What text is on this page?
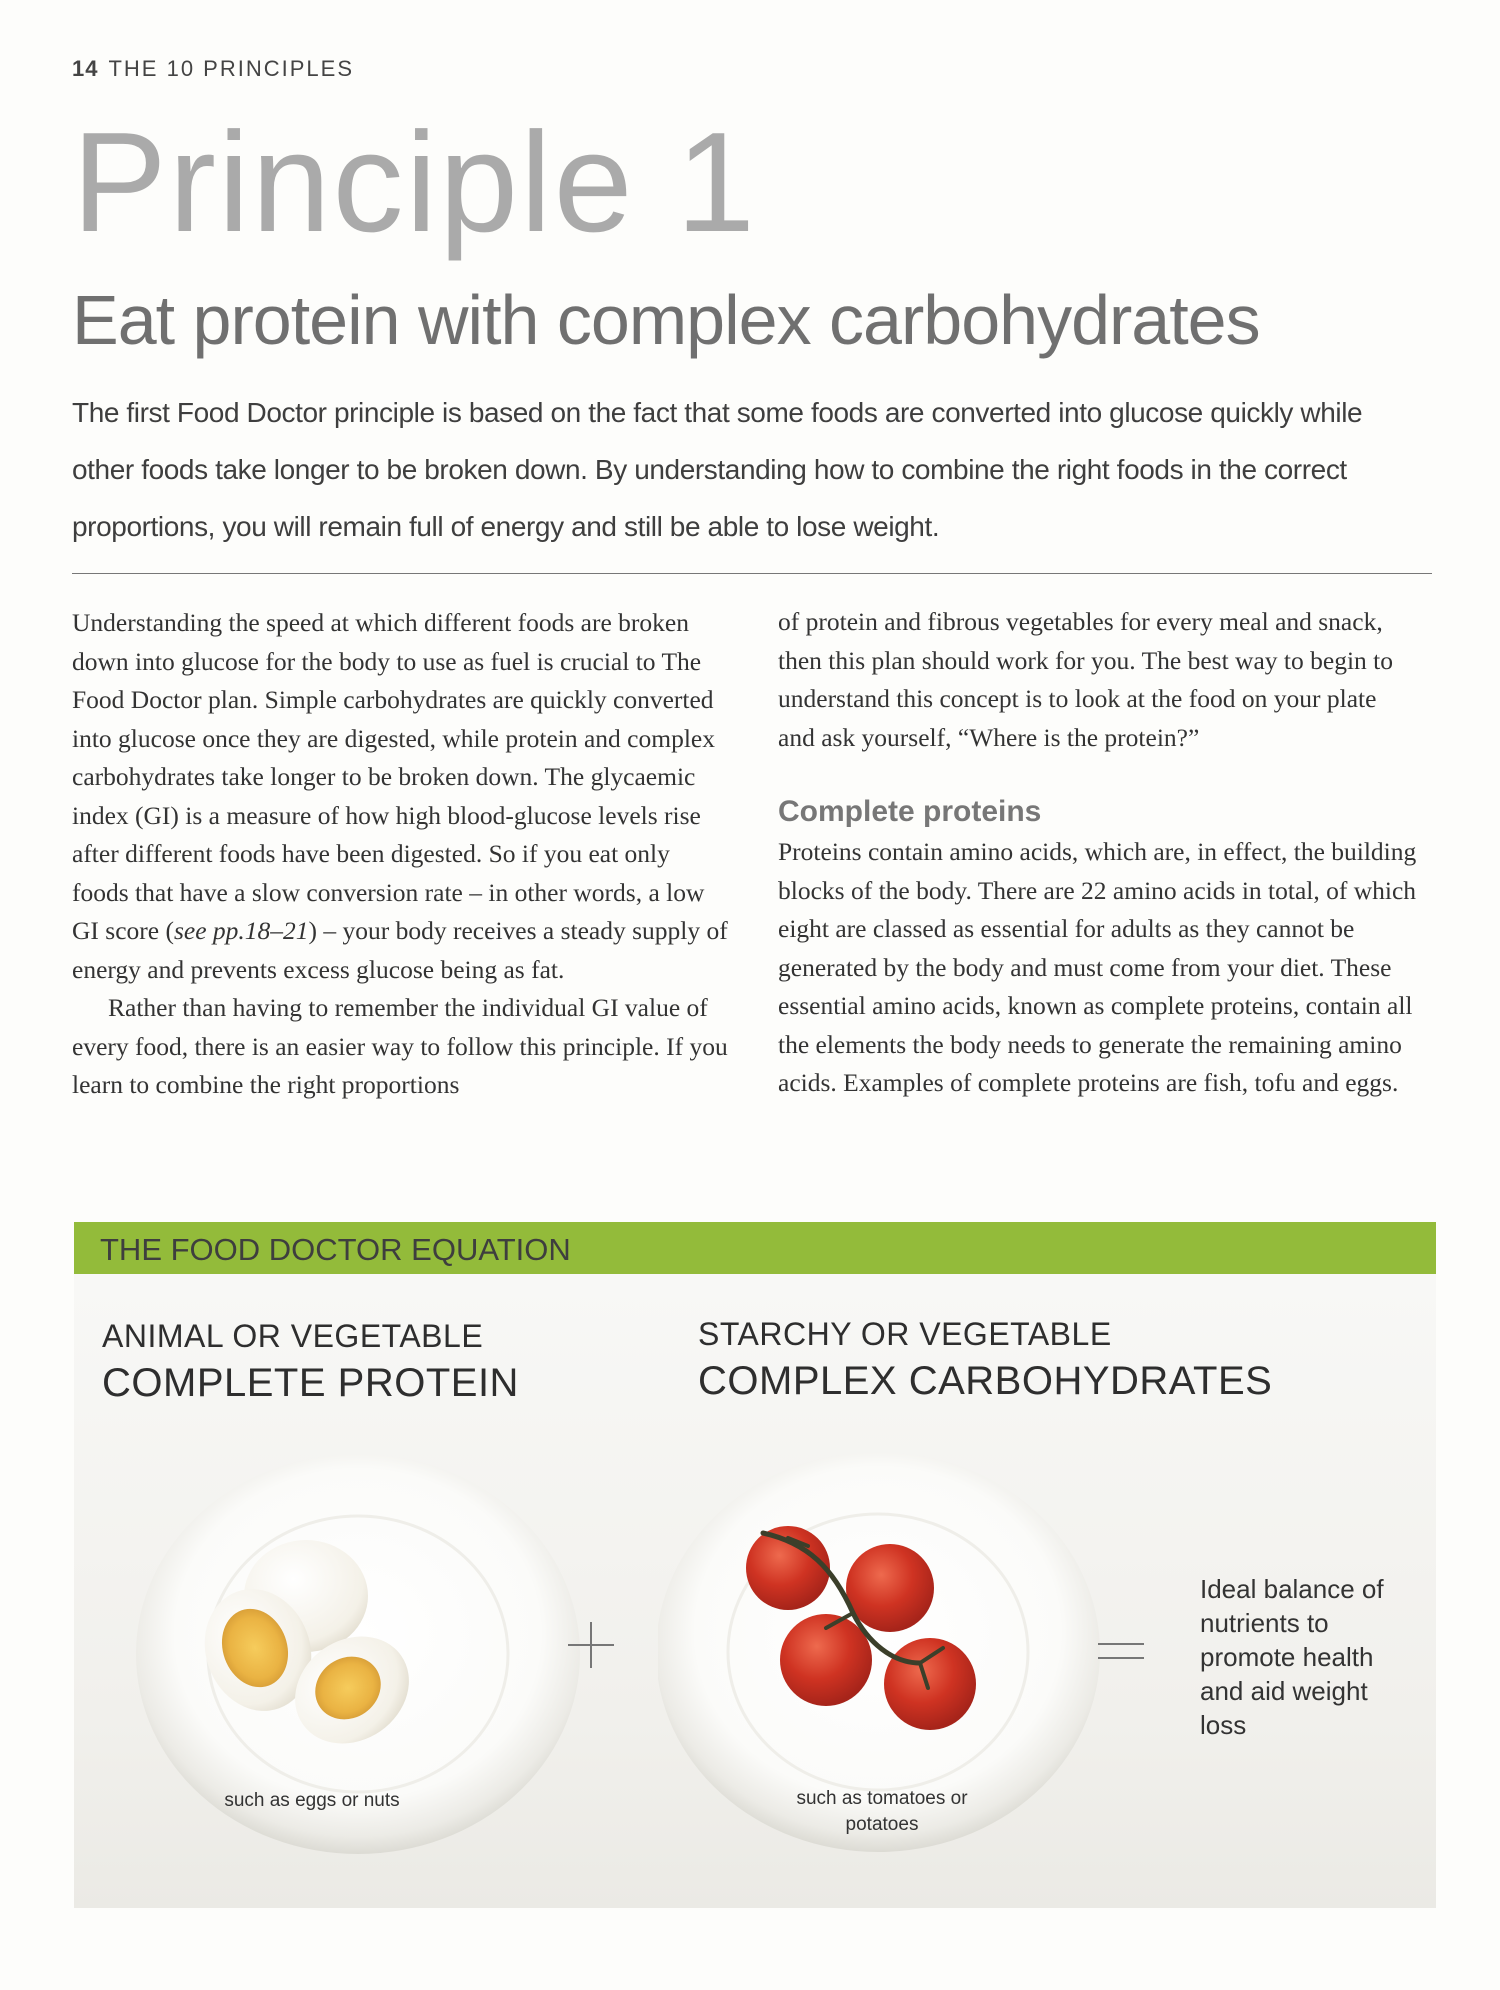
14 THE 10 PRINCIPLES
Principle 1
Eat protein with complex carbohydrates
The first Food Doctor principle is based on the fact that some foods are converted into glucose quickly while other foods take longer to be broken down. By understanding how to combine the right foods in the correct proportions, you will remain full of energy and still be able to lose weight.

Understanding the speed at which different foods are broken down into glucose for the body to use as fuel is crucial to The Food Doctor plan. Simple carbohydrates are quickly converted into glucose once they are digested, while protein and complex carbohydrates take longer to be broken down. The glycaemic index (GI) is a measure of how high blood-glucose levels rise after different foods have been digested. So if you eat only foods that have a slow conversion rate – in other words, a low GI score (see pp.18–21) – your body receives a steady supply of energy and prevents excess glucose being as fat.

Rather than having to remember the individual GI value of every food, there is an easier way to follow this principle. If you learn to combine the right proportions

of protein and fibrous vegetables for every meal and snack, then this plan should work for you. The best way to begin to understand this concept is to look at the food on your plate and ask yourself, “Where is the protein?”

Complete proteins

Proteins contain amino acids, which are, in effect, the building blocks of the body. There are 22 amino acids in total, of which eight are classed as essential for adults as they cannot be generated by the body and must come from your diet. These essential amino acids, known as complete proteins, contain all the elements the body needs to generate the remaining amino acids. Examples of complete proteins are fish, tofu and eggs.

THE FOOD DOCTOR EQUATION
ANIMAL OR VEGETABLE
COMPLETE PROTEIN
STARCHY OR VEGETABLE
COMPLEX CARBOHYDRATES
such as eggs or nuts	such as tomatoes or potatoes
Ideal balance of nutrients to promote health and aid weight loss
